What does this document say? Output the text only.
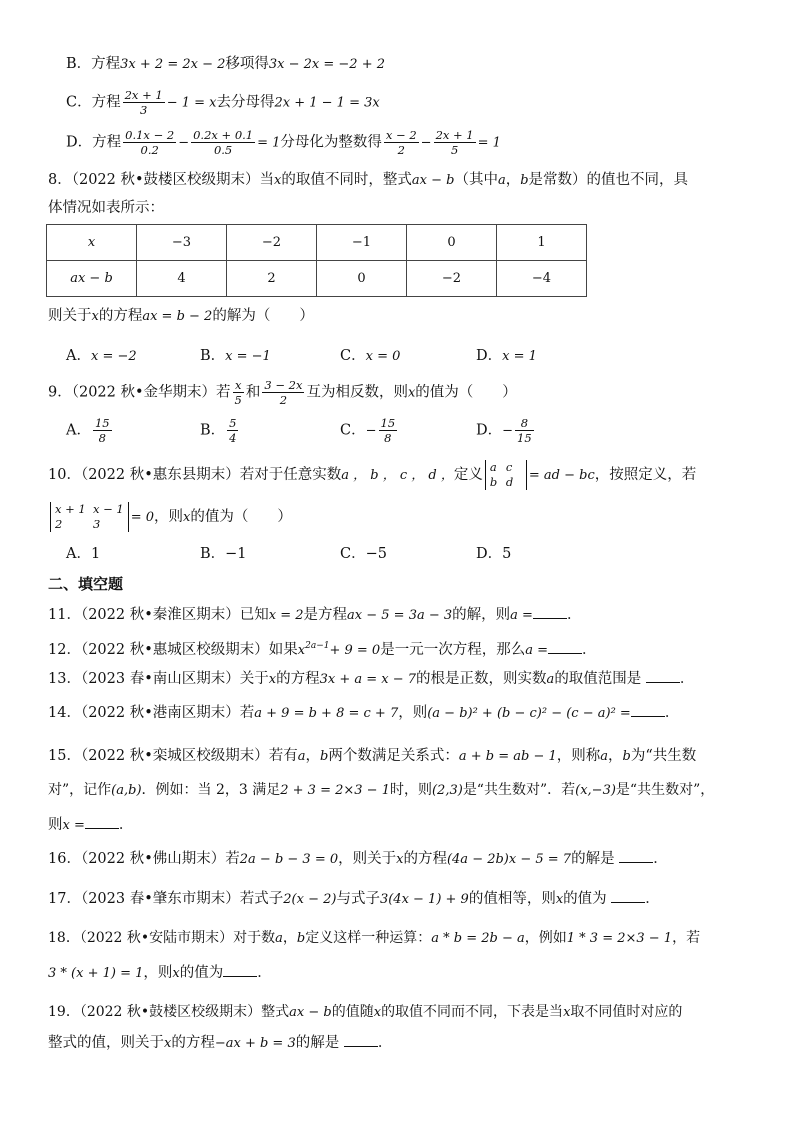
B．方程3x + 2 = 2x − 2移项得3x − 2x = −2 + 2
C．方程 $\frac{2x + 1}{3} - 1 = x$去分母得2x + 1 − 1 = 3x
D．方程 $\frac{0.1x - 2}{0.2} - \frac{0.2x + 0.1}{0.5} = 1$分母化为整数得 $\frac{x - 2}{2} - \frac{2x + 1}{5} = 1$
8．（2022 秋•鼓楼区校级期末）当x的取值不同时，整式ax − b（其中a，b是常数）的值也不同，具
体情况如表所示：
x	−3	−2	−1	0	1
ax − b	4	2	0	−2	−4
则关于x的方程ax = b − 2的解为（　　）
A．x = −2	B．x = −1	C．x = 0	D．x = 1
9．（2022 秋•金华期末）若 $\frac{x}{5}$ 和 $\frac{3 - 2x}{2}$ 互为相反数，则x的值为（　　）
A． $\frac{15}{8}$	B． $\frac{5}{4}$	C．− $\frac{15}{8}$	D．− $\frac{8}{15}$
10．（2022 秋•惠东县期末）若对于任意实数a ， b ， c ， d ，定义 a c
b d = ad − bc，按照定义，若
x + 1 x − 1
2	3 = 0，则x的值为（　　）
A．1	B．−1	C．−5	D．5
二、填空题
11．（2022 秋•秦淮区期末）已知x = 2是方程ax − 5 = 3a − 3的解，则a = ．
12．（2022 秋•惠城区校级期末）如果$x^{2a-1}+ 9 = 0$是一元一次方程，那么a = ．
13．（2023 春•南山区期末）关于x的方程3x + a = x − 7的根是正数，则实数a的取值范围是	．
14．（2022 秋•港南区期末）若a + 9 = b + 8 = c + 7，则(a − b)² + (b − c)² − (c − a)² = ．
15．（2022 秋•栾城区校级期末）若有a，b两个数满足关系式：a + b = ab − 1，则称a，b为“共生数
对”，记作(a,b)．例如：当 2，3 满足2 + 3 = 2×3 − 1时，则(2,3)是“共生数对”．若(x,−3)是“共生数对”，
则x = ．
16．（2022 秋•佛山期末）若2a − b − 3 = 0，则关于x的方程(4a − 2b)x − 5 = 7的解是	．
17．（2023 春•肇东市期末）若式子2(x − 2)与式子3(4x − 1) + 9的值相等，则x的值为	．
18．（2022 秋•安陆市期末）对于数a，b定义这样一种运算：a * b = 2b − a，例如1 * 3 = 2×3 − 1，若
3 * (x + 1) = 1，则x的值为 ．
19．（2022 秋•鼓楼区校级期末）整式ax − b的值随x的取值不同而不同，下表是当x取不同值时对应的
整式的值，则关于x的方程−ax + b = 3的解是	．
